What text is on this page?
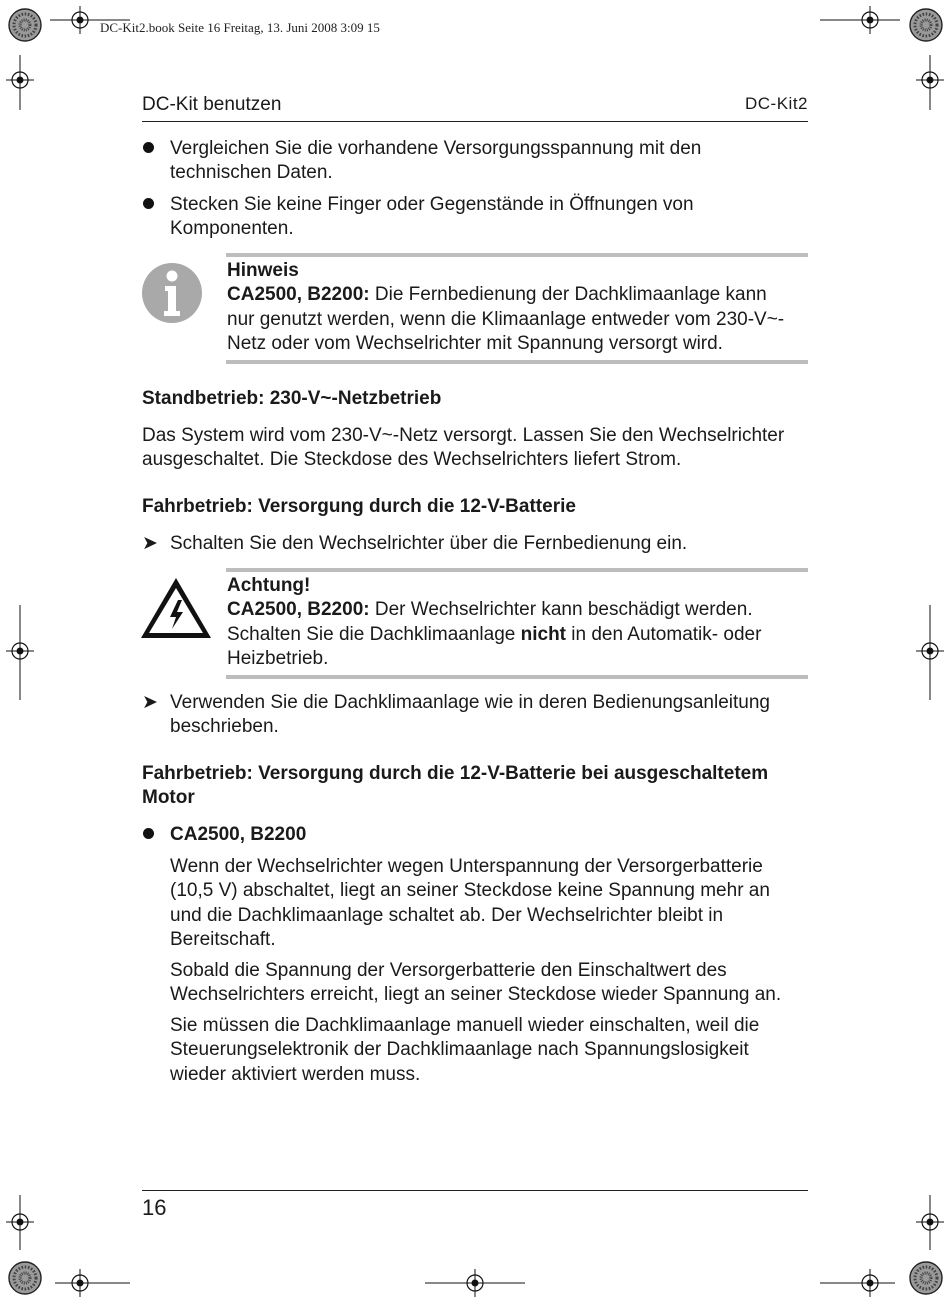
DC-Kit2.book Seite 16 Freitag, 13. Juni 2008 3:09 15
DC-Kit benutzen	DC-Kit2

Vergleichen Sie die vorhandene Versorgungsspannung mit den

technischen Daten.

Stecken Sie keine Finger oder Gegenstände in Öffnungen von

Komponenten.

Hinweis

CA2500, B2200: Die Fernbedienung der Dachklimaanlage kann

nur genutzt werden, wenn die Klimaanlage entweder vom 230-V~-

Netz oder vom Wechselrichter mit Spannung versorgt wird.

Standbetrieb: 230-V~-Netzbetrieb

Das System wird vom 230-V~-Netz versorgt. Lassen Sie den Wechselrichter

ausgeschaltet. Die Steckdose des Wechselrichters liefert Strom.

Fahrbetrieb: Versorgung durch die 12-V-Batterie
➤ Schalten Sie den Wechselrichter über die Fernbedienung ein.

Achtung!

CA2500, B2200: Der Wechselrichter kann beschädigt werden.

Schalten Sie die Dachklimaanlage nicht in den Automatik- oder

Heizbetrieb.

➤ Verwenden Sie die Dachklimaanlage wie in deren Bedienungsanleitung

beschrieben.

Fahrbetrieb: Versorgung durch die 12-V-Batterie bei ausgeschaltetem

Motor

CA2500, B2200

Wenn der Wechselrichter wegen Unterspannung der Versorgerbatterie

(10,5 V) abschaltet, liegt an seiner Steckdose keine Spannung mehr an

und die Dachklimaanlage schaltet ab. Der Wechselrichter bleibt in

Bereitschaft.

Sobald die Spannung der Versorgerbatterie den Einschaltwert des

Wechselrichters erreicht, liegt an seiner Steckdose wieder Spannung an.

Sie müssen die Dachklimaanlage manuell wieder einschalten, weil die

Steuerungselektronik der Dachklimaanlage nach Spannungslosigkeit

wieder aktiviert werden muss.

16
